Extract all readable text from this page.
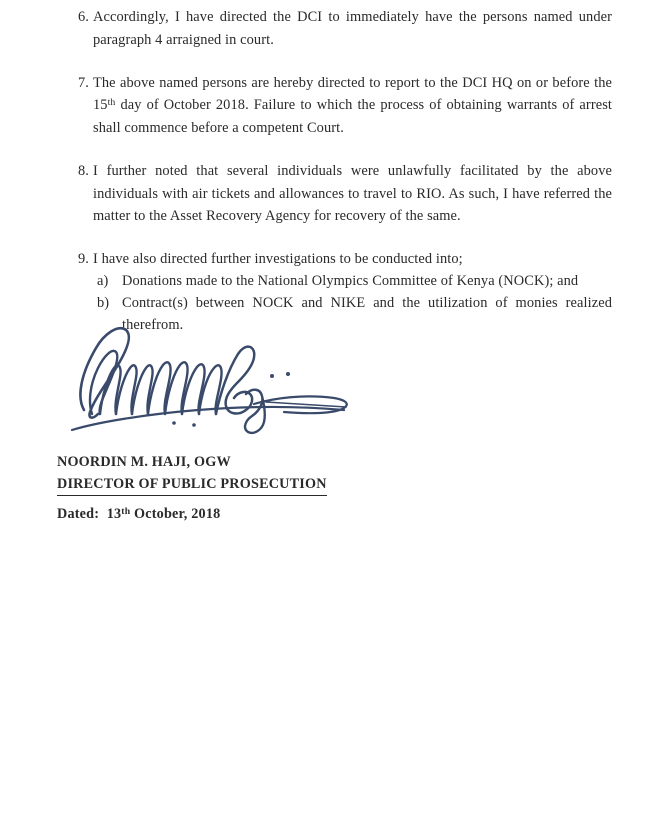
6. Accordingly, I have directed the DCI to immediately have the persons named under paragraph 4 arraigned in court.
7. The above named persons are hereby directed to report to the DCI HQ on or before the 15th day of October 2018. Failure to which the process of obtaining warrants of arrest shall commence before a competent Court.
8. I further noted that several individuals were unlawfully facilitated by the above individuals with air tickets and allowances to travel to RIO. As such, I have referred the matter to the Asset Recovery Agency for recovery of the same.
9. I have also directed further investigations to be conducted into;
a) Donations made to the National Olympics Committee of Kenya (NOCK); and
b) Contract(s) between NOCK and NIKE and the utilization of monies realized therefrom.
NOORDIN M. HAJI, OGW
DIRECTOR OF PUBLIC PROSECUTION
Dated: 13th October, 2018
